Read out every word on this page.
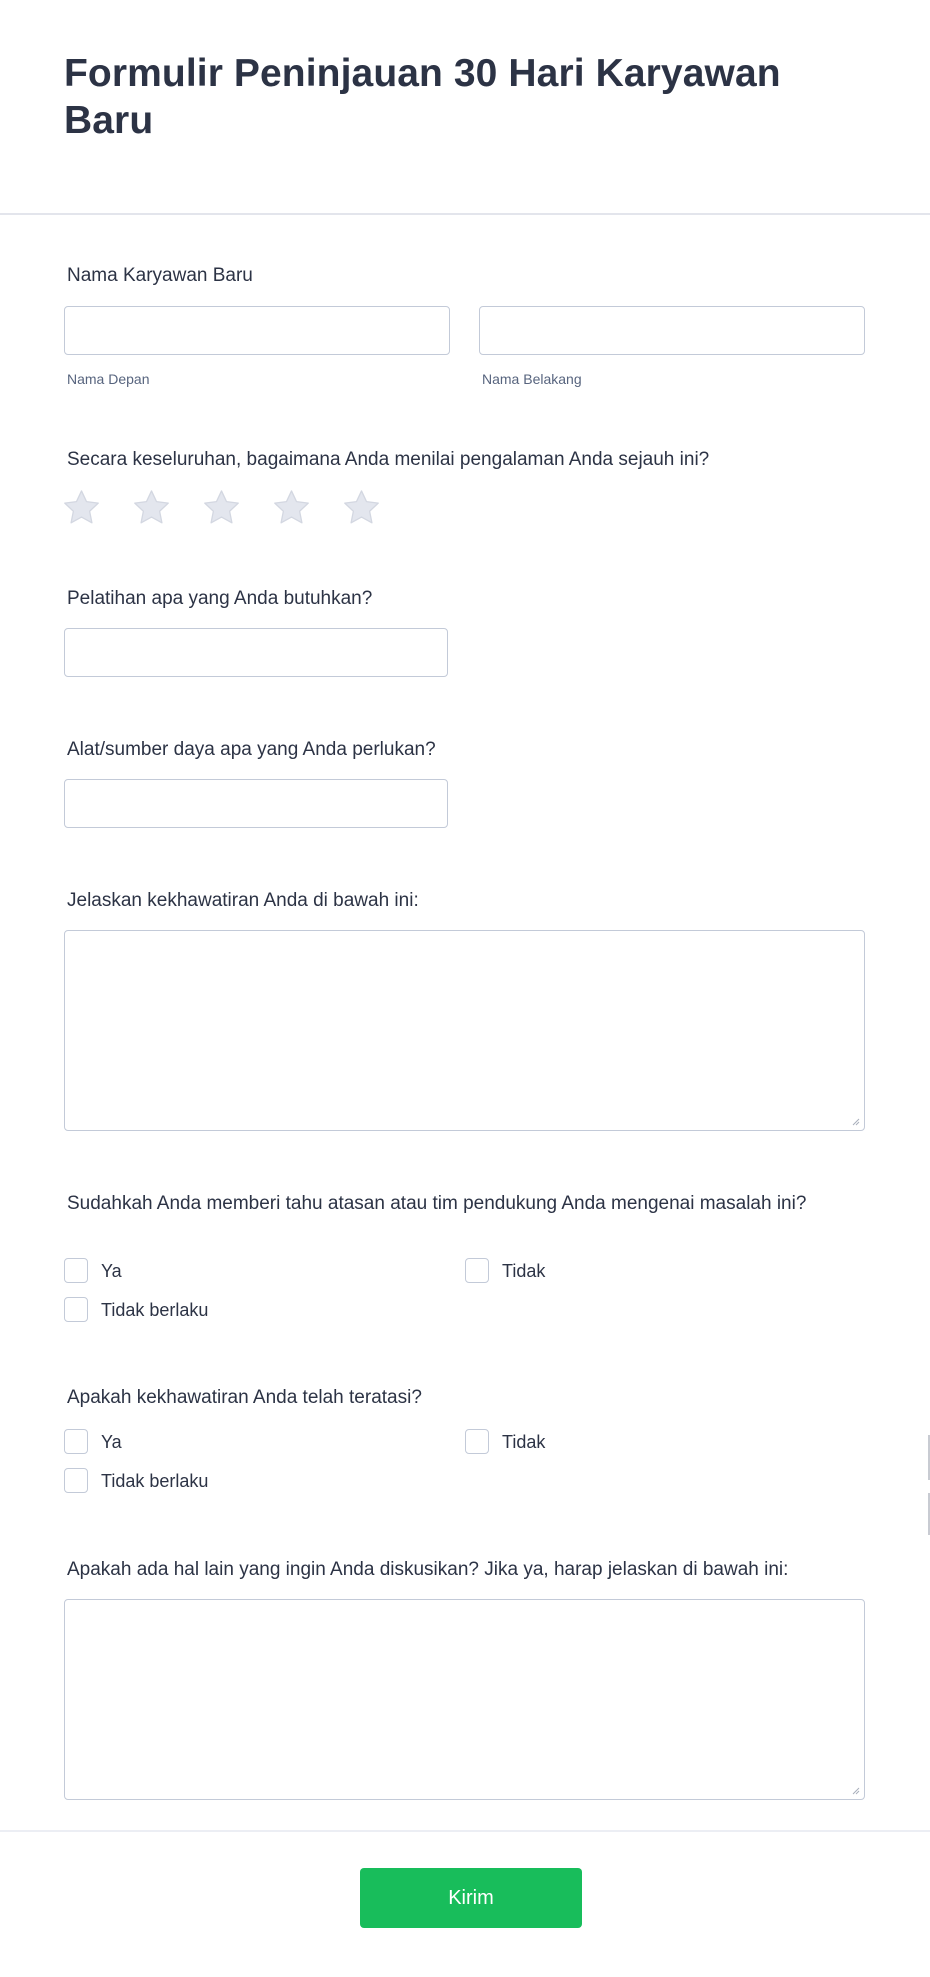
Formulir Peninjauan 30 Hari Karyawan Baru
Nama Karyawan Baru
Nama Depan	Nama Belakang
Secara keseluruhan, bagaimana Anda menilai pengalaman Anda sejauh ini?
Pelatihan apa yang Anda butuhkan?
Alat/sumber daya apa yang Anda perlukan?
Jelaskan kekhawatiran Anda di bawah ini:
Sudahkah Anda memberi tahu atasan atau tim pendukung Anda mengenai masalah ini?
Ya	Tidak
Tidak berlaku
Apakah kekhawatiran Anda telah teratasi?
Ya	Tidak
Tidak berlaku
Apakah ada hal lain yang ingin Anda diskusikan? Jika ya, harap jelaskan di bawah ini:
Kirim
